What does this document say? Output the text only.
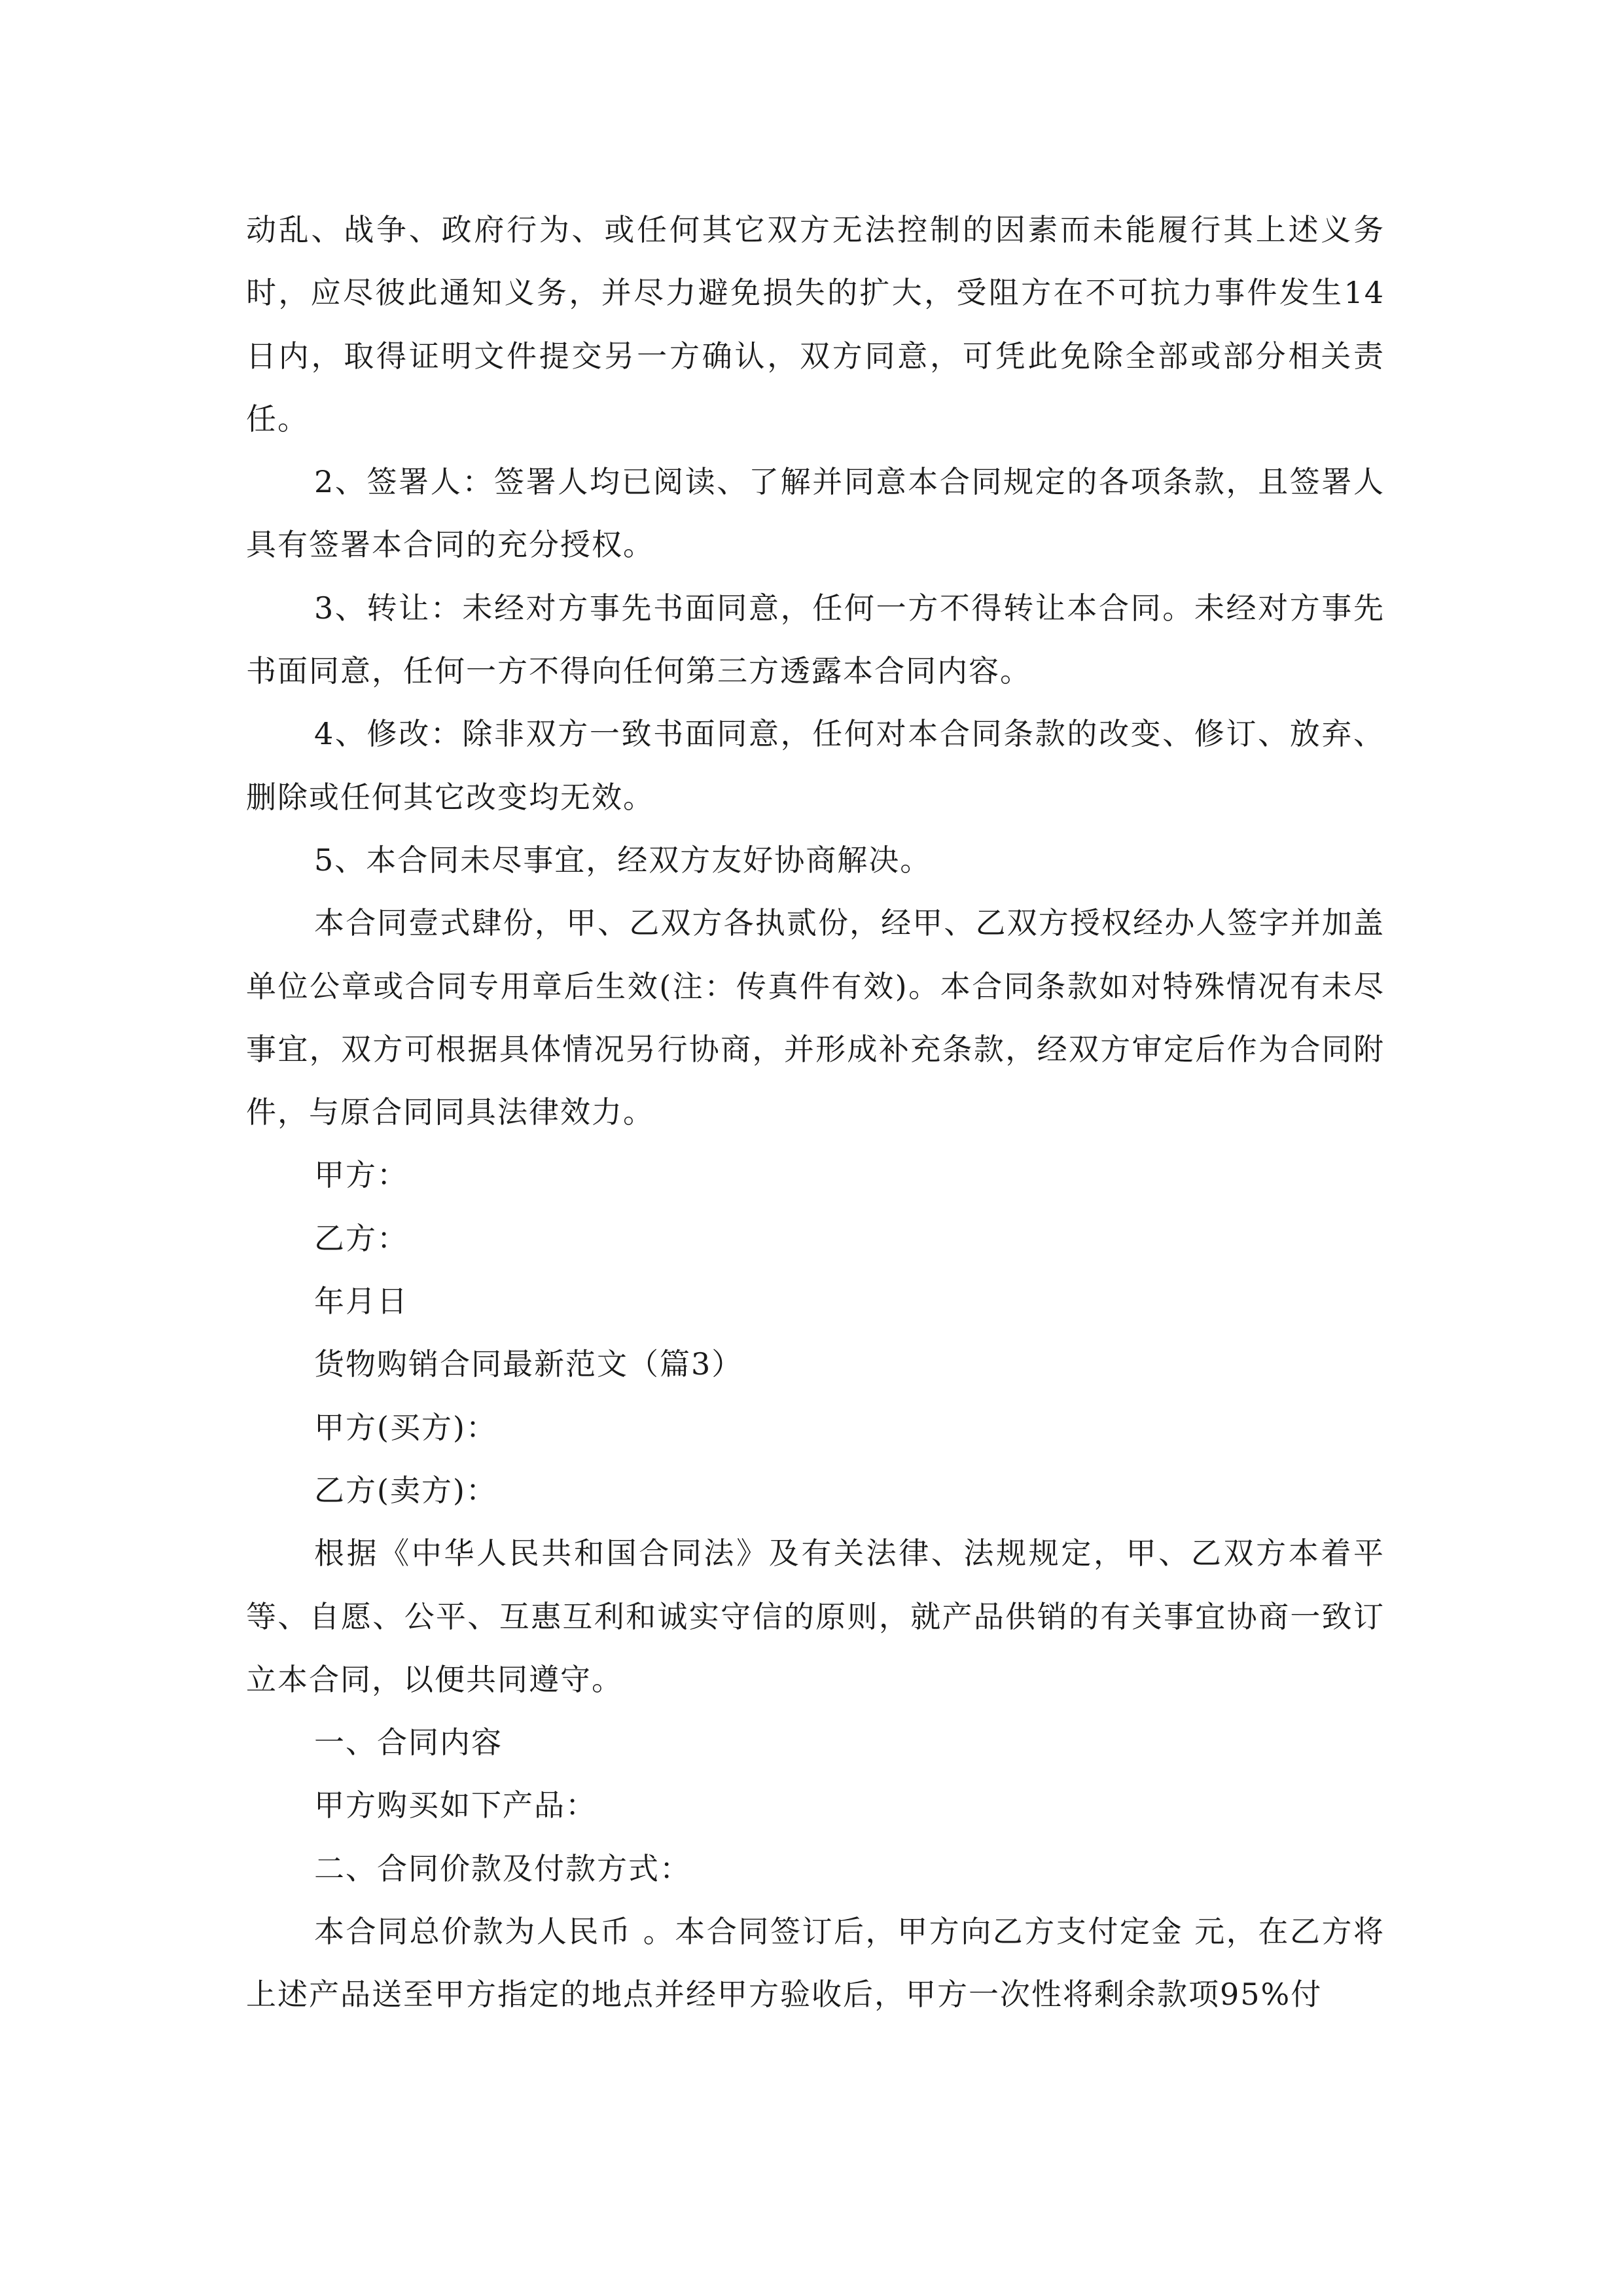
动乱、战争、政府行为、或任何其它双方无法控制的因素而未能履行其上述义务时，应尽彼此通知义务，并尽力避免损失的扩大，受阻方在不可抗力事件发生14日内，取得证明文件提交另一方确认，双方同意，可凭此免除全部或部分相关责任。

2、签署人：签署人均已阅读、了解并同意本合同规定的各项条款，且签署人具有签署本合同的充分授权。

3、转让：未经对方事先书面同意，任何一方不得转让本合同。未经对方事先书面同意，任何一方不得向任何第三方透露本合同内容。

4、修改：除非双方一致书面同意，任何对本合同条款的改变、修订、放弃、删除或任何其它改变均无效。

5、本合同未尽事宜，经双方友好协商解决。

本合同壹式肆份，甲、乙双方各执贰份，经甲、乙双方授权经办人签字并加盖单位公章或合同专用章后生效(注：传真件有效)。本合同条款如对特殊情况有未尽事宜，双方可根据具体情况另行协商，并形成补充条款，经双方审定后作为合同附件，与原合同同具法律效力。

甲方：

乙方：

年月日

货物购销合同最新范文（篇3）

甲方(买方)：

乙方(卖方)：

根据《中华人民共和国合同法》及有关法律、法规规定，甲、乙双方本着平等、自愿、公平、互惠互利和诚实守信的原则，就产品供销的有关事宜协商一致订立本合同，以便共同遵守。

一、合同内容

甲方购买如下产品：

二、合同价款及付款方式：

本合同总价款为人民币 。本合同签订后，甲方向乙方支付定金 元，在乙方将上述产品送至甲方指定的地点并经甲方验收后，甲方一次性将剩余款项95%付
